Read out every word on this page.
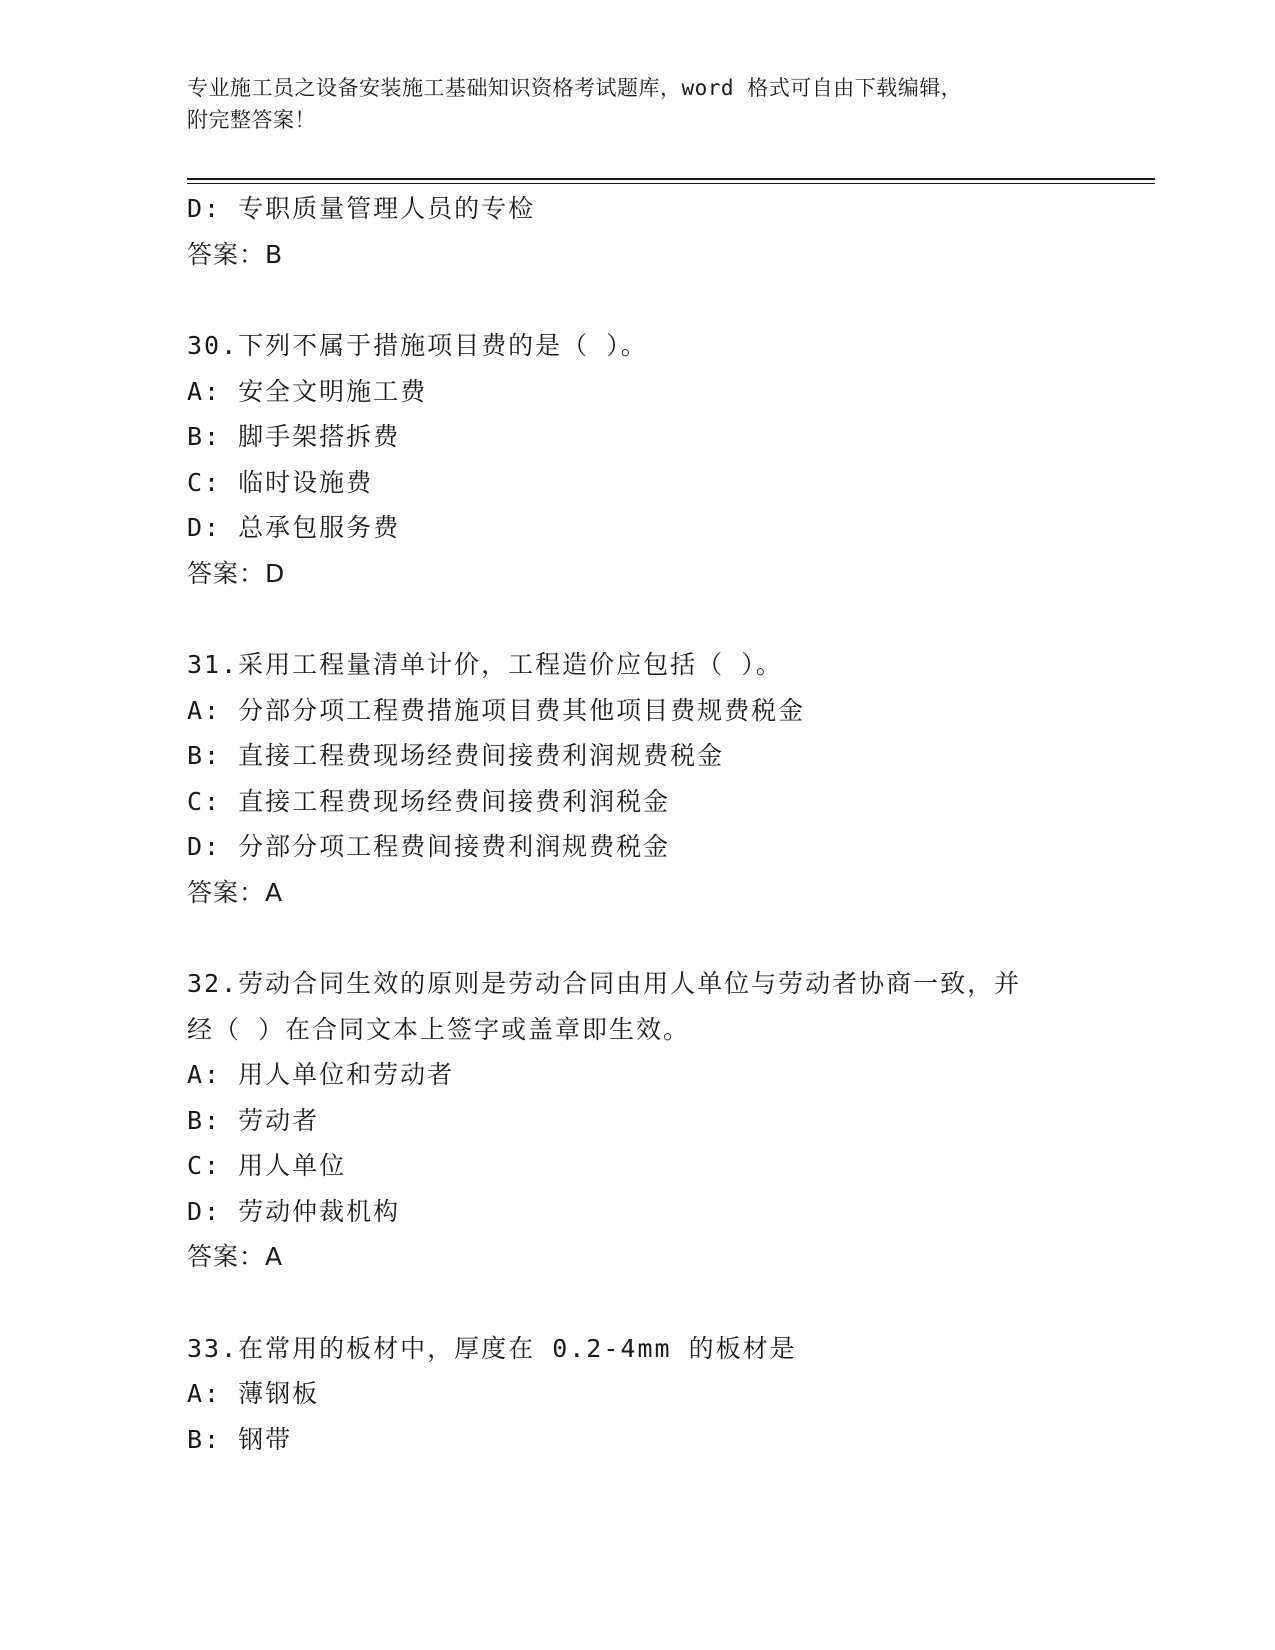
专业施工员之设备安装施工基础知识资格考试题库，word 格式可自由下载编辑，
附完整答案！
D: 专职质量管理人员的专检
答案：B
30.下列不属于措施项目费的是（ ）。
A: 安全文明施工费
B: 脚手架搭拆费
C: 临时设施费
D: 总承包服务费
答案：D
31.采用工程量清单计价，工程造价应包括（ ）。
A: 分部分项工程费措施项目费其他项目费规费税金
B: 直接工程费现场经费间接费利润规费税金
C: 直接工程费现场经费间接费利润税金
D: 分部分项工程费间接费利润规费税金
答案：A
32.劳动合同生效的原则是劳动合同由用人单位与劳动者协商一致，并
经（ ）在合同文本上签字或盖章即生效。
A: 用人单位和劳动者
B: 劳动者
C: 用人单位
D: 劳动仲裁机构
答案：A
33.在常用的板材中，厚度在 0.2-4mm 的板材是
A: 薄钢板
B: 钢带
